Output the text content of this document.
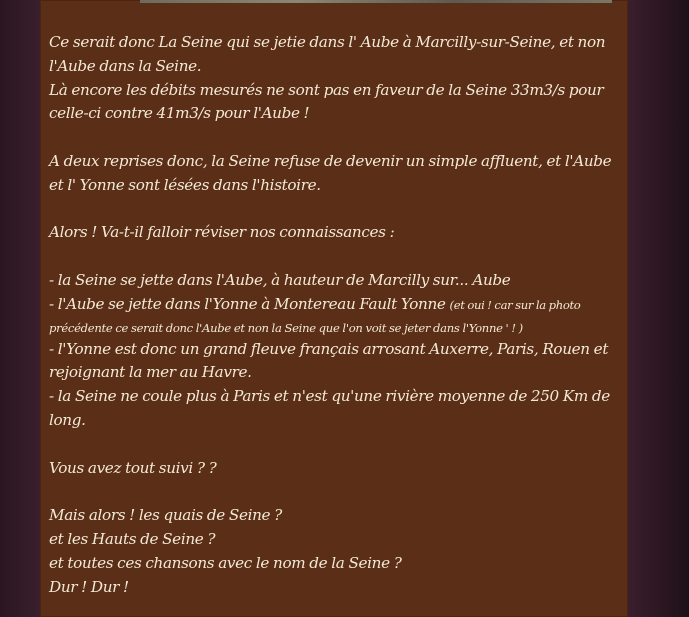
Ce serait donc La Seine qui se jetie dans l' Aube à Marcilly-sur-Seine, et non
l'Aube dans la Seine.
Là encore les débits mesurés ne sont pas en faveur de la Seine 33m3/s pour
celle-ci contre 41m3/s pour l'Aube !
A deux reprises donc, la Seine refuse de devenir un simple affluent, et l'Aube
et l' Yonne sont lésées dans l'histoire.
Alors ! Va-t-il falloir réviser nos connaissances :
- la Seine se jette dans l'Aube, à hauteur de Marcilly sur... Aube
- l'Aube se jette dans l'Yonne à Montereau Fault Yonne (et oui ! car sur la photo
précédente ce serait donc l'Aube et non la Seine que l'on voit se jeter dans l'Yonne ' ! )
- l'Yonne est donc un grand fleuve français arrosant Auxerre, Paris, Rouen et
rejoignant la mer au Havre.
- la Seine ne coule plus à Paris et n'est qu'une rivière moyenne de 250 Km de
long.
Vous avez tout suivi ? ?
Mais alors ! les quais de Seine ?
et les Hauts de Seine ?
et toutes ces chansons avec le nom de la Seine ?
Dur ! Dur !
